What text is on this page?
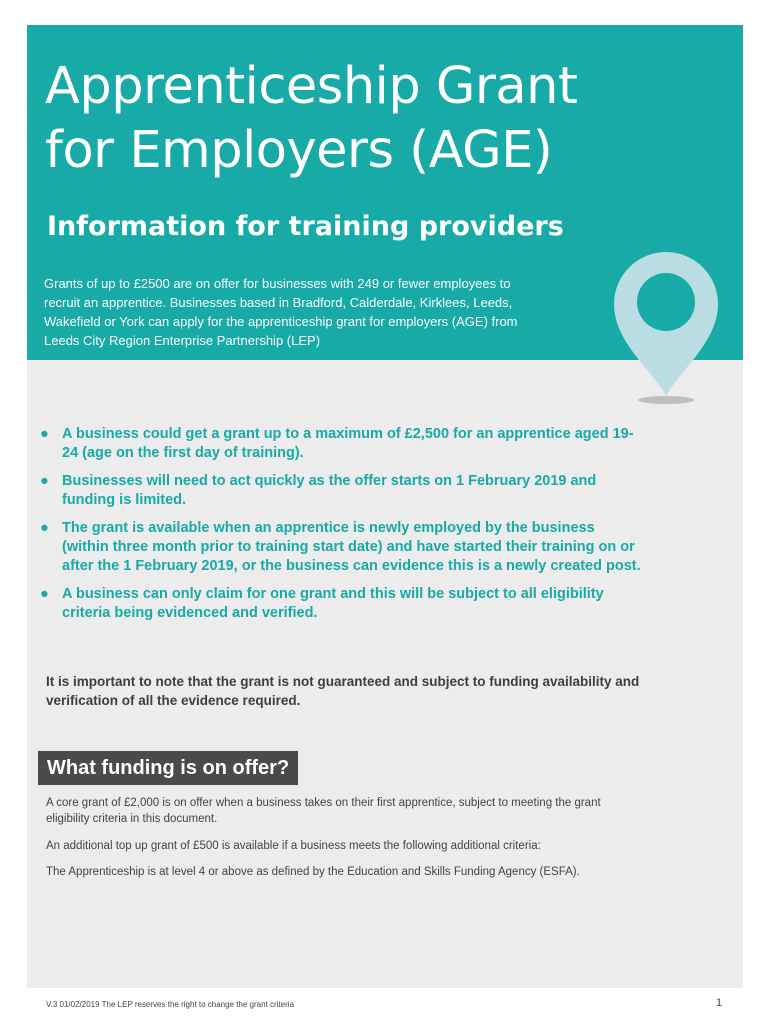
Apprenticeship Grant
for Employers (AGE)
Information for training providers

Grants of up to £2500 are on offer for businesses with 249 or fewer employees to
recruit an apprentice. Businesses based in Bradford, Calderdale, Kirklees, Leeds,
Wakefield or York can apply for the apprenticeship grant for employers (AGE) from
Leeds City Region Enterprise Partnership (LEP)

● A business could get a grant up to a maximum of £2,500 for an apprentice aged 19-
24 (age on the first day of training).
● Businesses will need to act quickly as the offer starts on 1 February 2019 and
funding is limited.
● The grant is available when an apprentice is newly employed by the business
(within three month prior to training start date) and have started their training on or
after the 1 February 2019, or the business can evidence this is a newly created post.
● A business can only claim for one grant and this will be subject to all eligibility
criteria being evidenced and verified.

It is important to note that the grant is not guaranteed and subject to funding availability and
verification of all the evidence required.

What funding is on offer?

A core grant of £2,000 is on offer when a business takes on their first apprentice, subject to meeting the grant
eligibility criteria in this document.

An additional top up grant of £500 is available if a business meets the following additional criteria:

The Apprenticeship is at level 4 or above as defined by the Education and Skills Funding Agency (ESFA).

V.3 01/02/2019 The LEP reserves the right to change the grant criteria	1
